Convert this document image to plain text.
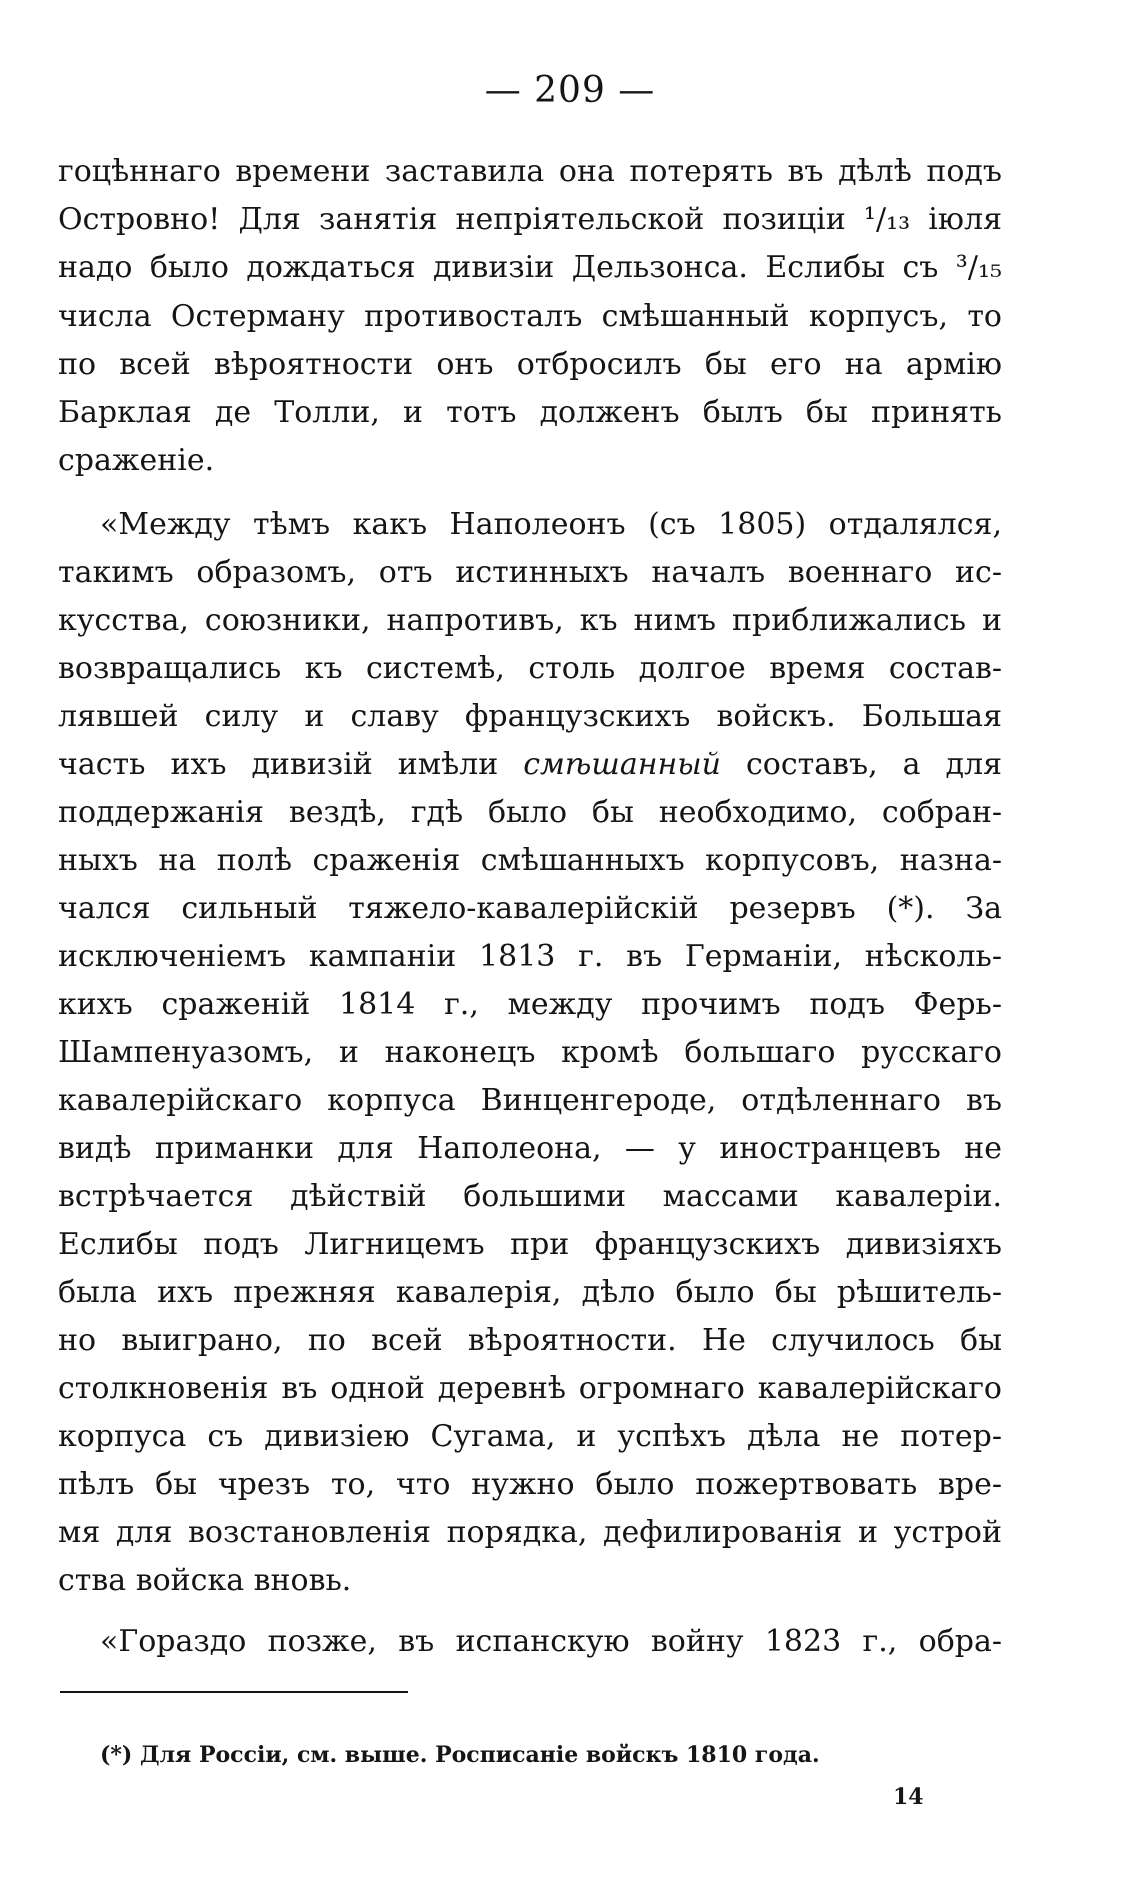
— 209 —
гоцѣннаго времени заставила она потерять въ дѣлѣ подъ
Островно! Для занятія непріятельской позиціи ¹/₁₃ іюля
надо было дождаться дивизіи Дельзонса. Еслибы съ ³/₁₅
числа Остерману противосталъ смѣшанный корпусъ, то
по всей вѣроятности онъ отбросилъ бы его на армію
Барклая де Толли, и тотъ долженъ былъ бы принять
сраженіе.
«Между тѣмъ какъ Наполеонъ (съ 1805) отдалялся,
такимъ образомъ, отъ истинныхъ началъ военнаго ис-
кусства, союзники, напротивъ, къ нимъ приближались и
возвращались къ системѣ, столь долгое время состав-
лявшей силу и славу французскихъ войскъ. Большая
часть ихъ дивизій имѣли смѣшанный составъ, а для
поддержанія вездѣ, гдѣ было бы необходимо, собран-
ныхъ на полѣ сраженія смѣшанныхъ корпусовъ, назна-
чался сильный тяжело-кавалерійскій резервъ (*). За
исключеніемъ кампаніи 1813 г. въ Германіи, нѣсколь-
кихъ сраженій 1814 г., между прочимъ подъ Ферь-
Шампенуазомъ, и наконецъ кромѣ большаго русскаго
кавалерійскаго корпуса Винценгероде, отдѣленнаго въ
видѣ приманки для Наполеона, — у иностранцевъ не
встрѣчается дѣйствій большими массами кавалеріи.
Еслибы подъ Лигницемъ при французскихъ дивизіяхъ
была ихъ прежняя кавалерія, дѣло было бы рѣшитель-
но выиграно, по всей вѣроятности. Не случилось бы
столкновенія въ одной деревнѣ огромнаго кавалерійскаго
корпуса съ дивизіею Сугама, и успѣхъ дѣла не потер-
пѣлъ бы чрезъ то, что нужно было пожертвовать вре-
мя для возстановленія порядка, дефилированія и устрой
ства войска вновь.
«Гораздо позже, въ испанскую войну 1823 г., обра-
(*) Для Россіи, см. выше. Росписаніе войскъ 1810 года.
14
